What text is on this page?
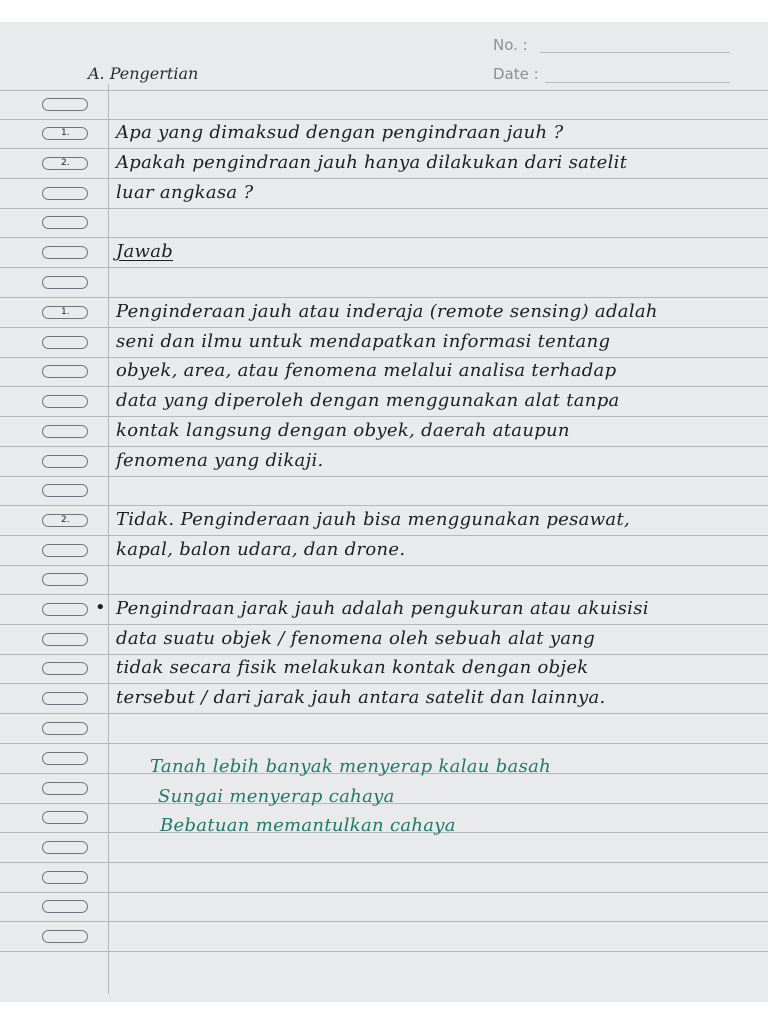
No. :
Date :
A. Pengertian
1.
2.
1.
2.
Apa yang dimaksud dengan pengindraan jauh ?
Apakah pengindraan jauh hanya dilakukan dari satelit
luar angkasa ?
Jawab
Penginderaan jauh atau inderaja (remote sensing) adalah
seni dan ilmu untuk mendapatkan informasi tentang
obyek, area, atau fenomena melalui analisa terhadap
data yang diperoleh dengan menggunakan alat tanpa
kontak langsung dengan obyek, daerah ataupun
fenomena yang dikaji.
Tidak. Penginderaan jauh bisa menggunakan pesawat,
kapal, balon udara, dan drone.
• Pengindraan jarak jauh adalah pengukuran atau akuisisi
data suatu objek / fenomena oleh sebuah alat yang
tidak secara fisik melakukan kontak dengan objek
tersebut / dari jarak jauh antara satelit dan lainnya.
Tanah lebih banyak menyerap kalau basah
Sungai menyerap cahaya
Bebatuan memantulkan cahaya
